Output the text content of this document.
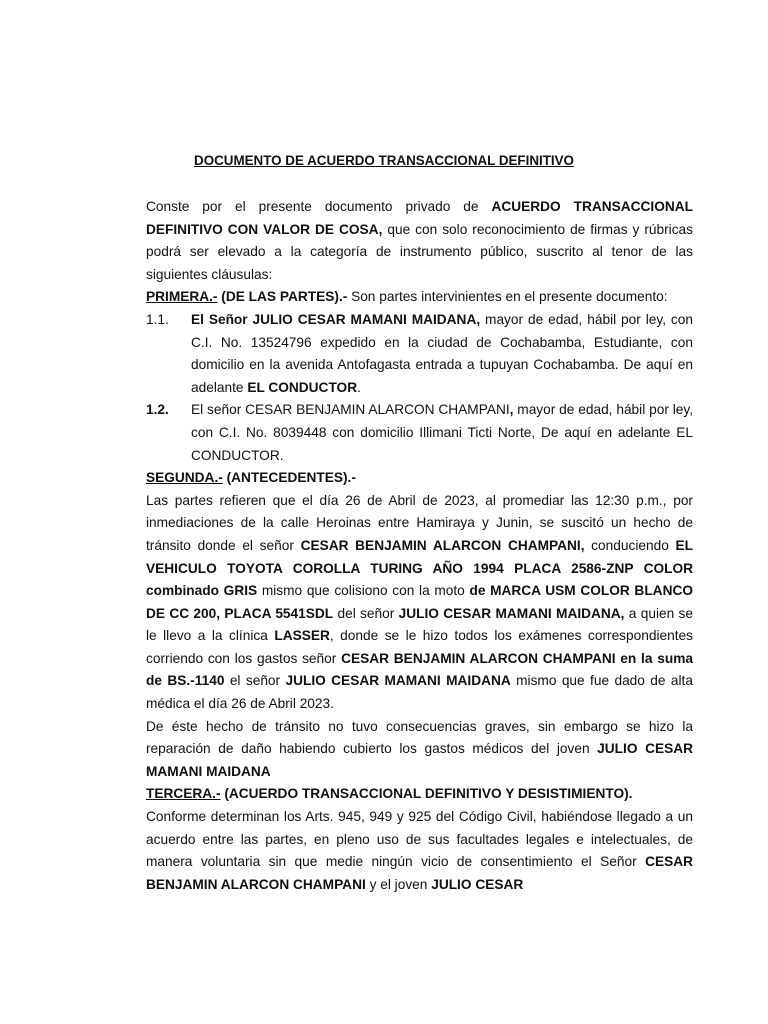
DOCUMENTO DE ACUERDO TRANSACCIONAL DEFINITIVO

Conste por el presente documento privado de ACUERDO TRANSACCIONAL DEFINITIVO CON VALOR DE COSA, que con solo reconocimiento de firmas y rúbricas podrá ser elevado a la categoría de instrumento público, suscrito al tenor de las siguientes cláusulas:

PRIMERA.- (DE LAS PARTES).- Son partes intervinientes en el presente documento:

1.1. El Señor JULIO CESAR MAMANI MAIDANA, mayor de edad, hábil por ley, con C.I. No. 13524796 expedido en la ciudad de Cochabamba, Estudiante, con domicilio en la avenida Antofagasta entrada a tupuyan Cochabamba. De aquí en adelante EL CONDUCTOR.

1.2. El señor CESAR BENJAMIN ALARCON CHAMPANI, mayor de edad, hábil por ley, con C.I. No. 8039448 con domicilio Illimani Ticti Norte, De aquí en adelante EL CONDUCTOR.

SEGUNDA.- (ANTECEDENTES).-

Las partes refieren que el día 26 de Abril de 2023, al promediar las 12:30 p.m., por inmediaciones de la calle Heroinas entre Hamiraya y Junin, se suscitó un hecho de tránsito donde el señor CESAR BENJAMIN ALARCON CHAMPANI, conduciendo EL VEHICULO TOYOTA COROLLA TURING AÑO 1994 PLACA 2586-ZNP COLOR combinado GRIS mismo que colisiono con la moto de MARCA USM COLOR BLANCO DE CC 200, PLACA 5541SDL del señor JULIO CESAR MAMANI MAIDANA, a quien se le llevo a la clínica LASSER, donde se le hizo todos los exámenes correspondientes corriendo con los gastos señor CESAR BENJAMIN ALARCON CHAMPANI en la suma de BS.-1140 el señor JULIO CESAR MAMANI MAIDANA mismo que fue dado de alta médica el día 26 de Abril 2023.

De éste hecho de tránsito no tuvo consecuencias graves, sin embargo se hizo la reparación de daño habiendo cubierto los gastos médicos del joven JULIO CESAR MAMANI MAIDANA

TERCERA.- (ACUERDO TRANSACCIONAL DEFINITIVO Y DESISTIMIENTO).

Conforme determinan los Arts. 945, 949 y 925 del Código Civil, habiéndose llegado a un acuerdo entre las partes, en pleno uso de sus facultades legales e intelectuales, de manera voluntaria sin que medie ningún vicio de consentimiento el Señor CESAR BENJAMIN ALARCON CHAMPANI y el joven JULIO CESAR
